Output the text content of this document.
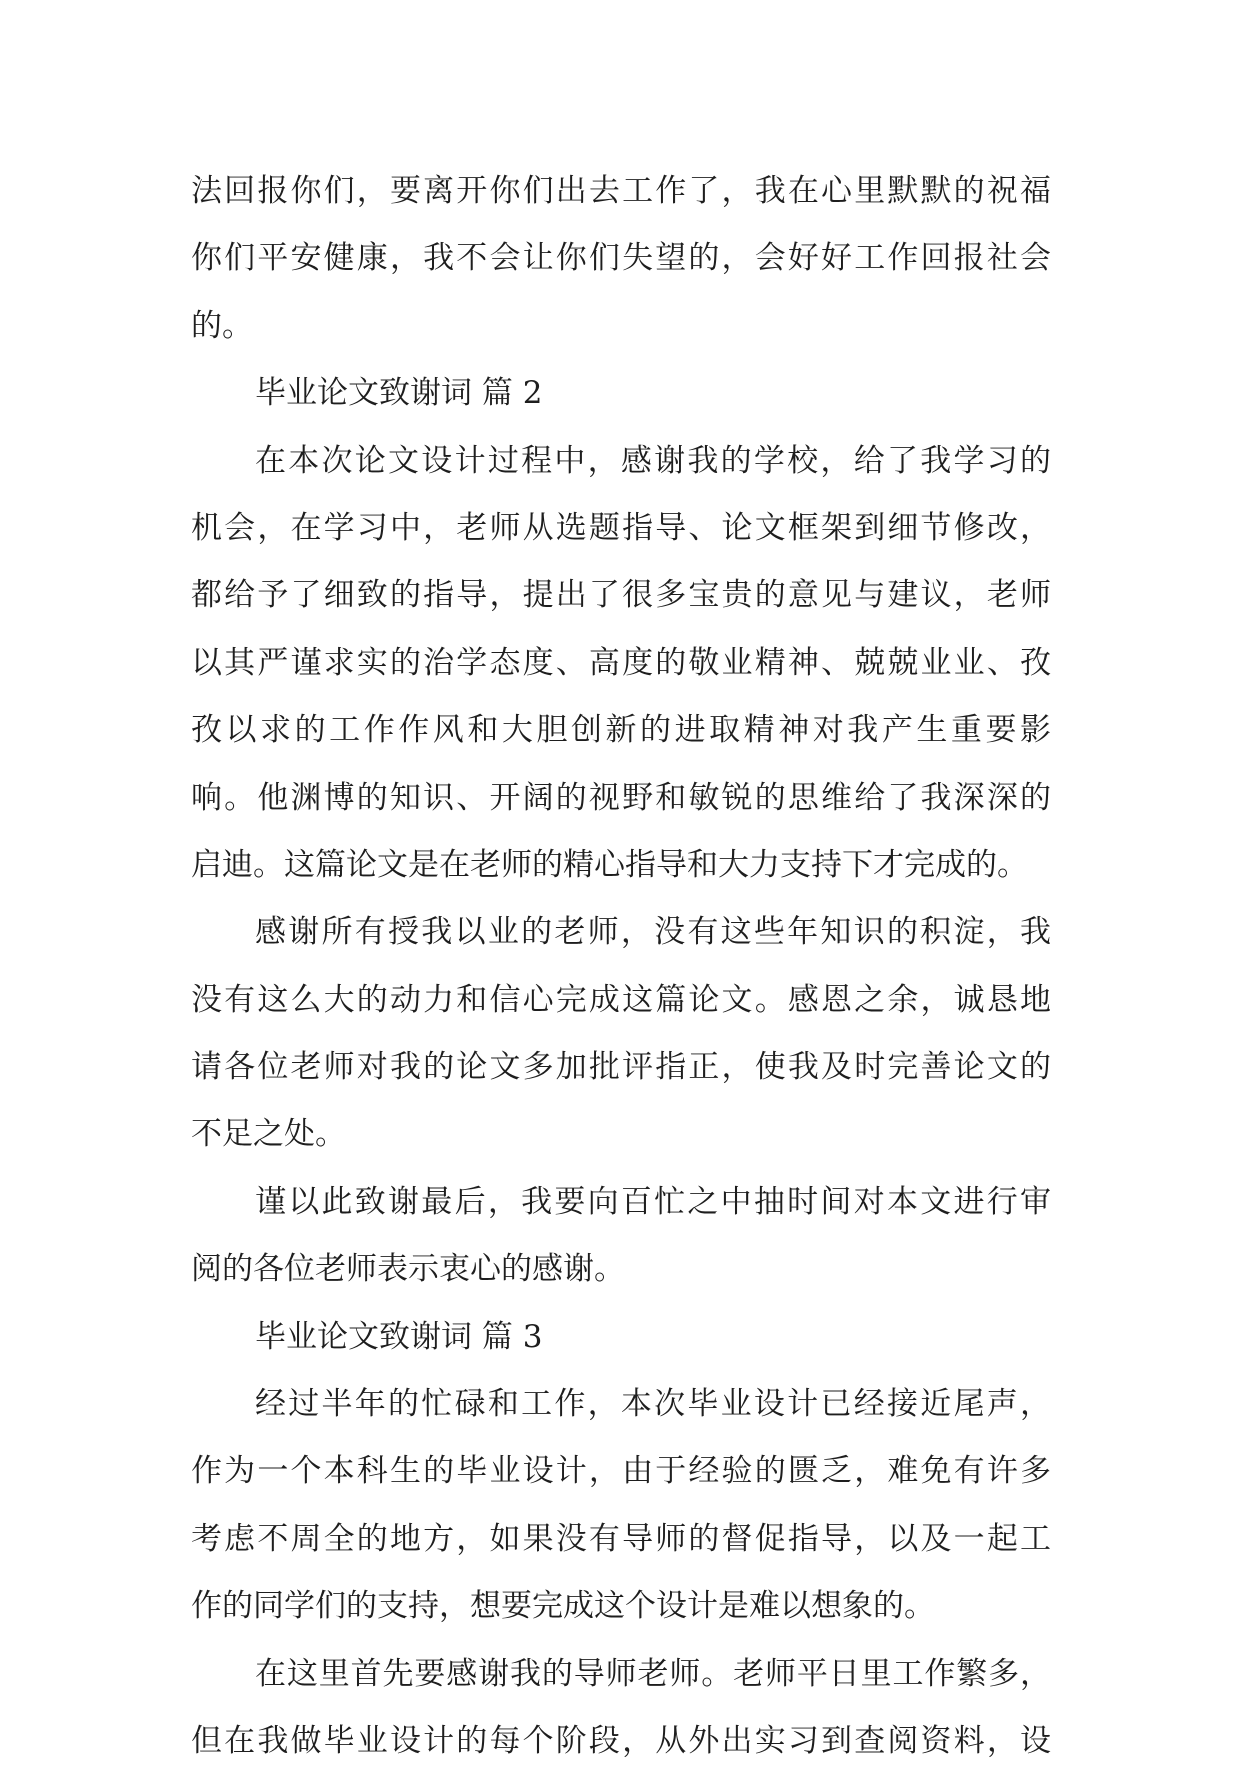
法回报你们，要离开你们出去工作了，我在心里默默的祝福
你们平安健康，我不会让你们失望的，会好好工作回报社会
的。
毕业论文致谢词 篇 2
在本次论文设计过程中，感谢我的学校，给了我学习的
机会，在学习中，老师从选题指导、论文框架到细节修改，
都给予了细致的指导，提出了很多宝贵的意见与建议，老师
以其严谨求实的治学态度、高度的敬业精神、兢兢业业、孜
孜以求的工作作风和大胆创新的进取精神对我产生重要影
响。他渊博的知识、开阔的视野和敏锐的思维给了我深深的
启迪。这篇论文是在老师的精心指导和大力支持下才完成的。
感谢所有授我以业的老师，没有这些年知识的积淀，我
没有这么大的动力和信心完成这篇论文。感恩之余，诚恳地
请各位老师对我的论文多加批评指正，使我及时完善论文的
不足之处。
谨以此致谢最后，我要向百忙之中抽时间对本文进行审
阅的各位老师表示衷心的感谢。
毕业论文致谢词 篇 3
经过半年的忙碌和工作，本次毕业设计已经接近尾声，
作为一个本科生的毕业设计，由于经验的匮乏，难免有许多
考虑不周全的地方，如果没有导师的督促指导，以及一起工
作的同学们的支持，想要完成这个设计是难以想象的。
在这里首先要感谢我的导师老师。老师平日里工作繁多，
但在我做毕业设计的每个阶段，从外出实习到查阅资料，设
